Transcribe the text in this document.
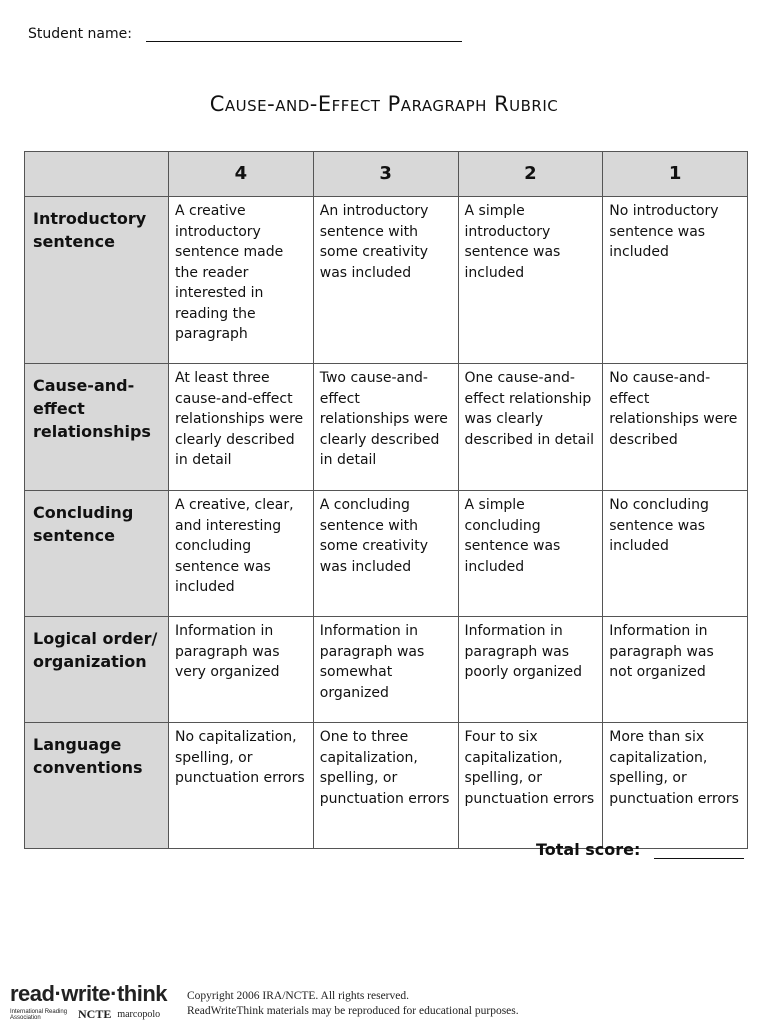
Student name:
Cause-and-Effect Paragraph Rubric
	4	3	2	1
Introductory sentence	A creative introductory sentence made the reader interested in reading the paragraph	An introductory sentence with some creativity was included	A simple introductory sentence was included	No introductory sentence was included
Cause-and-effect relationships	At least three cause-and-effect relationships were clearly described in detail	Two cause-and-effect relationships were clearly described in detail	One cause-and-effect relationship was clearly described in detail	No cause-and-effect relationships were described
Concluding sentence	A creative, clear, and interesting concluding sentence was included	A concluding sentence with some creativity was included	A simple concluding sentence was included	No concluding sentence was included
Logical order/ organization	Information in paragraph was very organized	Information in paragraph was somewhat organized	Information in paragraph was poorly organized	Information in paragraph was not organized
Language conventions	No capitalization, spelling, or punctuation errors	One to three capitalization, spelling, or punctuation errors	Four to six capitalization, spelling, or punctuation errors	More than six capitalization, spelling, or punctuation errors
Total score:
read·write·think
International Reading Association	NCTE marcopolo
Copyright 2006 IRA/NCTE. All rights reserved.
ReadWriteThink materials may be reproduced for educational purposes.
